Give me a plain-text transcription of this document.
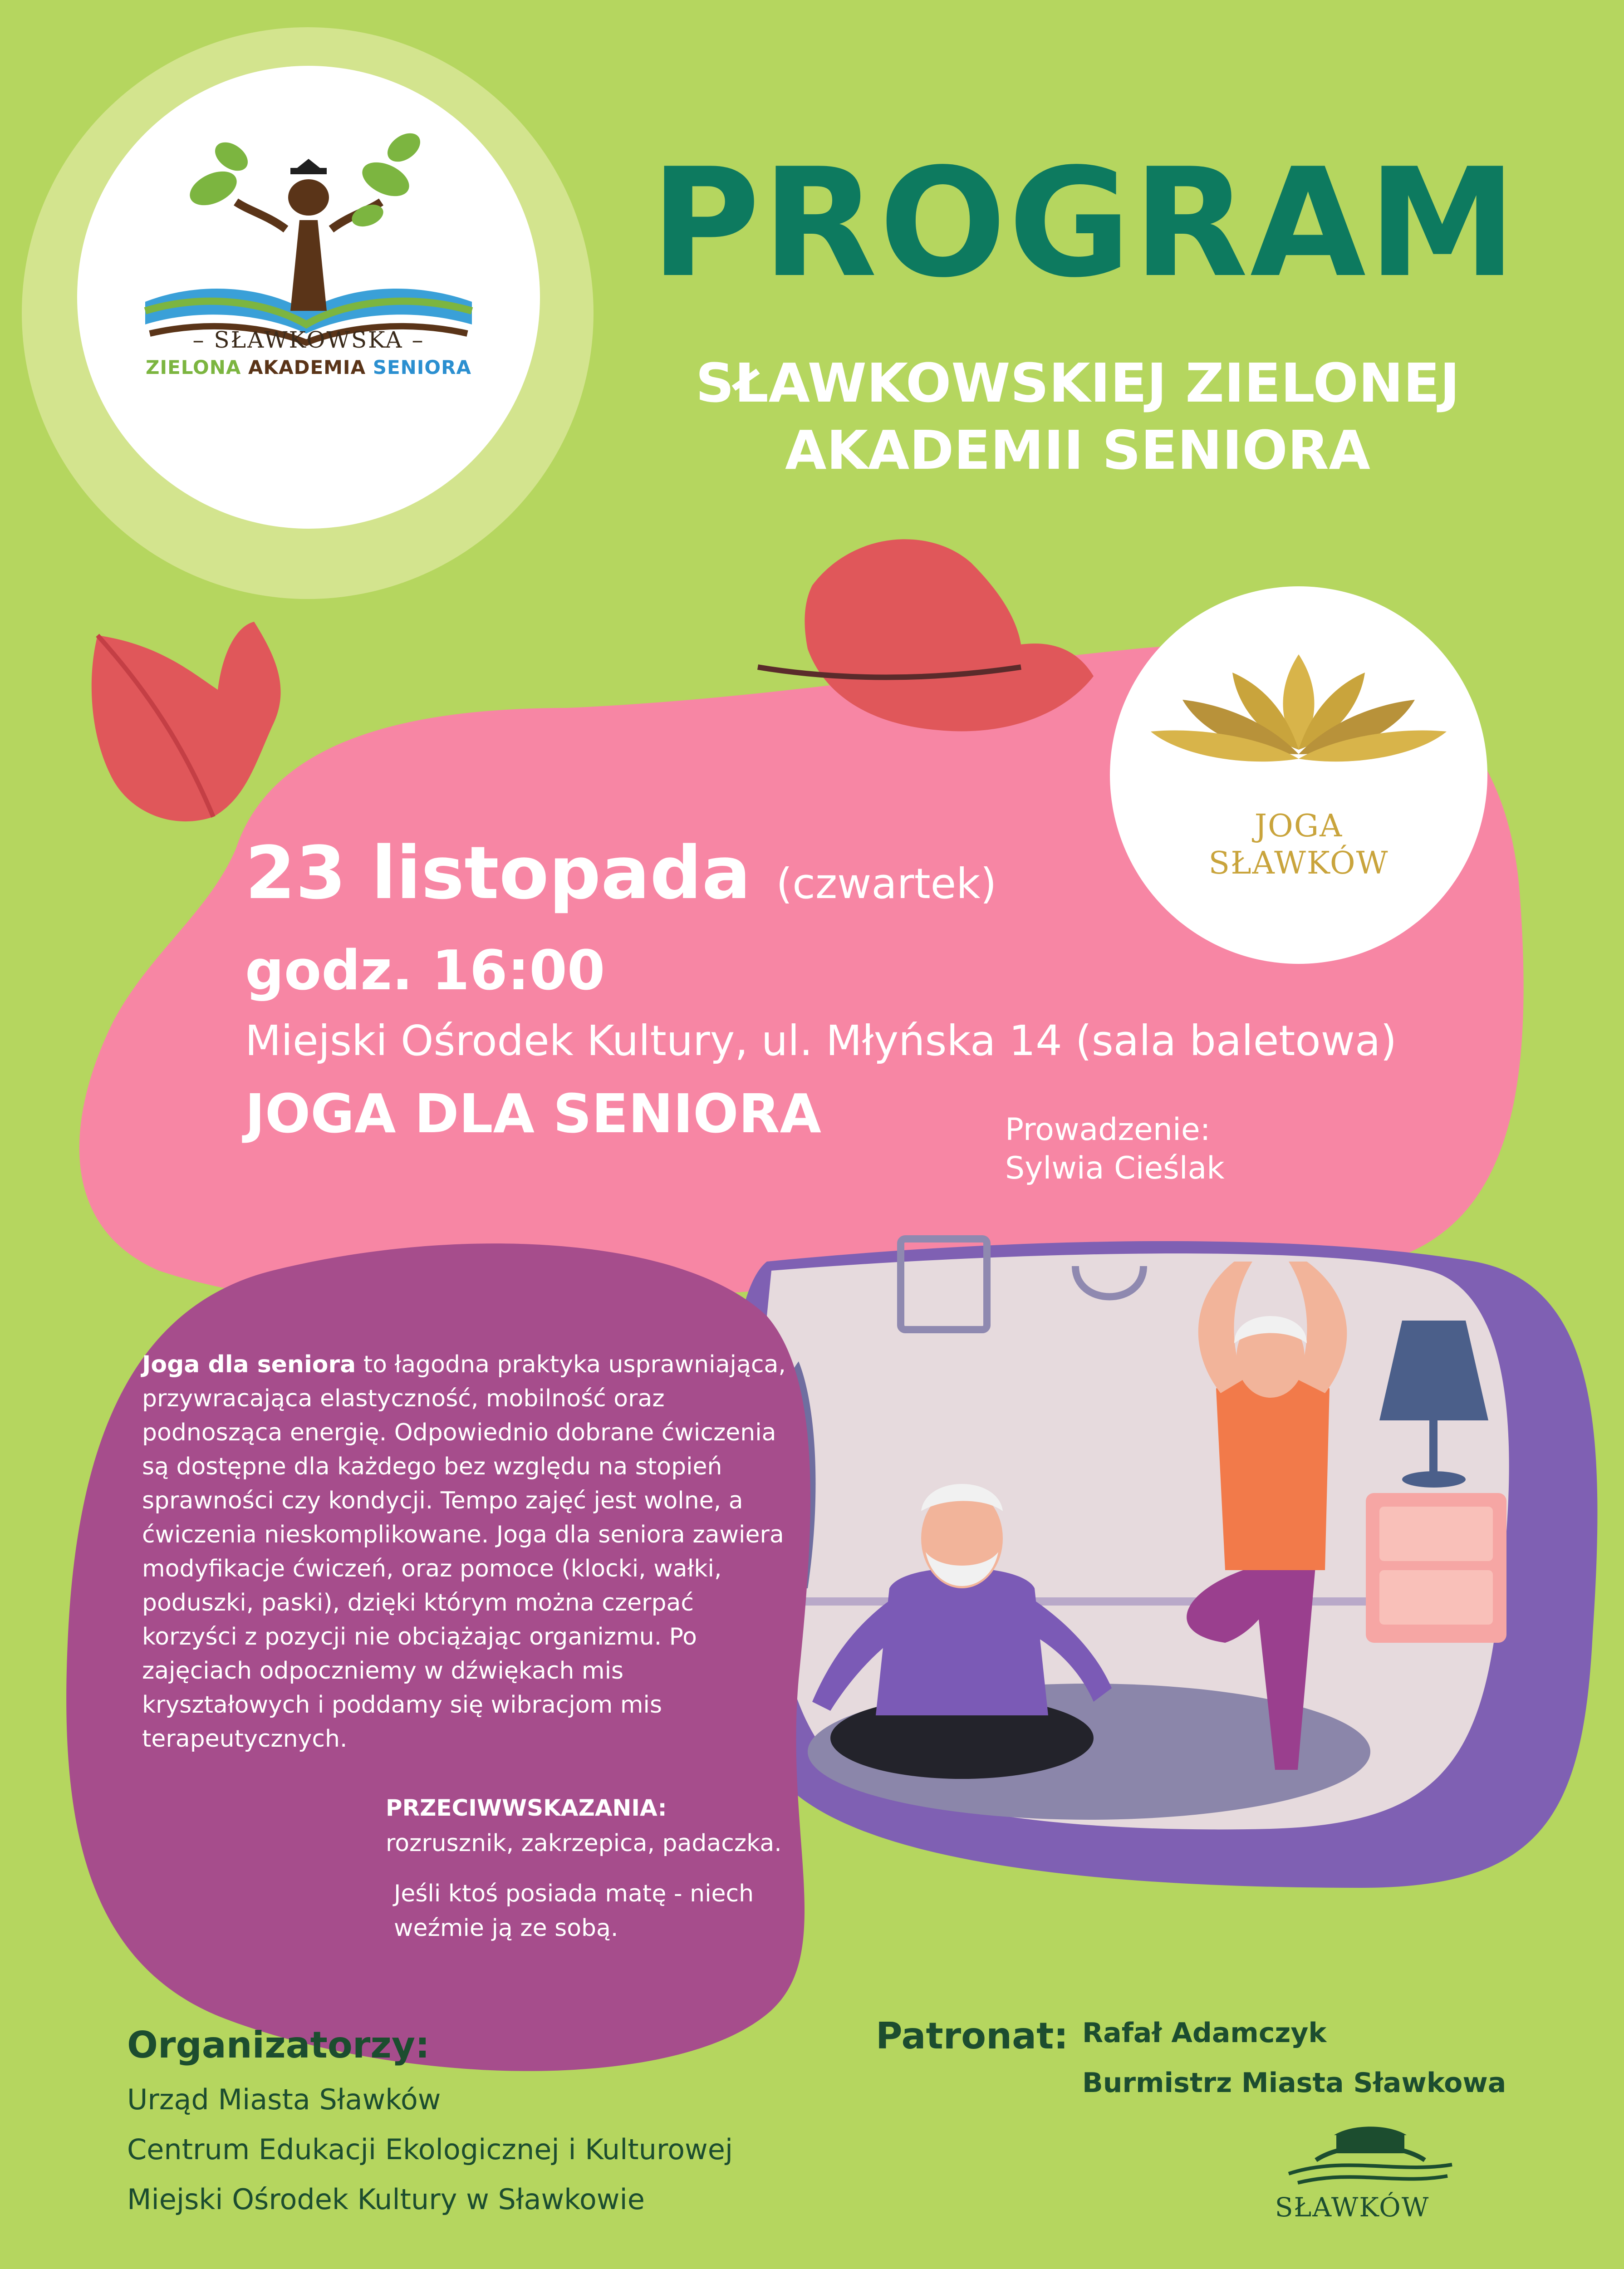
– SŁAWKOWSKA –
ZIELONA AKADEMIA SENIORA
PROGRAM
SŁAWKOWSKIEJ ZIELONEJ
AKADEMII SENIORA
JOGA
SŁAWKÓW
23 listopada (czwartek)
godz. 16:00
Miejski Ośrodek Kultury, ul. Młyńska 14 (sala baletowa)
JOGA DLA SENIORA	Prowadzenie:
Sylwia Cieślak
Joga dla seniora to łagodna praktyka usprawniająca, przywracająca elastyczność, mobilność oraz podnosząca energię. Odpowiednio dobrane ćwiczenia są dostępne dla każdego bez względu na stopień sprawności czy kondycji. Tempo zajęć jest wolne, a ćwiczenia nieskomplikowane. Joga dla seniora zawiera modyfikacje ćwiczeń, oraz pomoce (klocki, wałki, poduszki, paski), dzięki którym można czerpać korzyści z pozycji nie obciążając organizmu. Po zajęciach odpoczniemy w dźwiękach mis kryształowych i poddamy się wibracjom mis terapeutycznych.
PRZECIWWSKAZANIA:
rozrusznik, zakrzepica, padaczka.
Jeśli ktoś posiada matę - niech weźmie ją ze sobą.
Organizatorzy:
Urząd Miasta Sławków
Centrum Edukacji Ekologicznej i Kulturowej
Miejski Ośrodek Kultury w Sławkowie
Patronat: Rafał Adamczyk
Burmistrz Miasta Sławkowa
SŁAWKÓW
